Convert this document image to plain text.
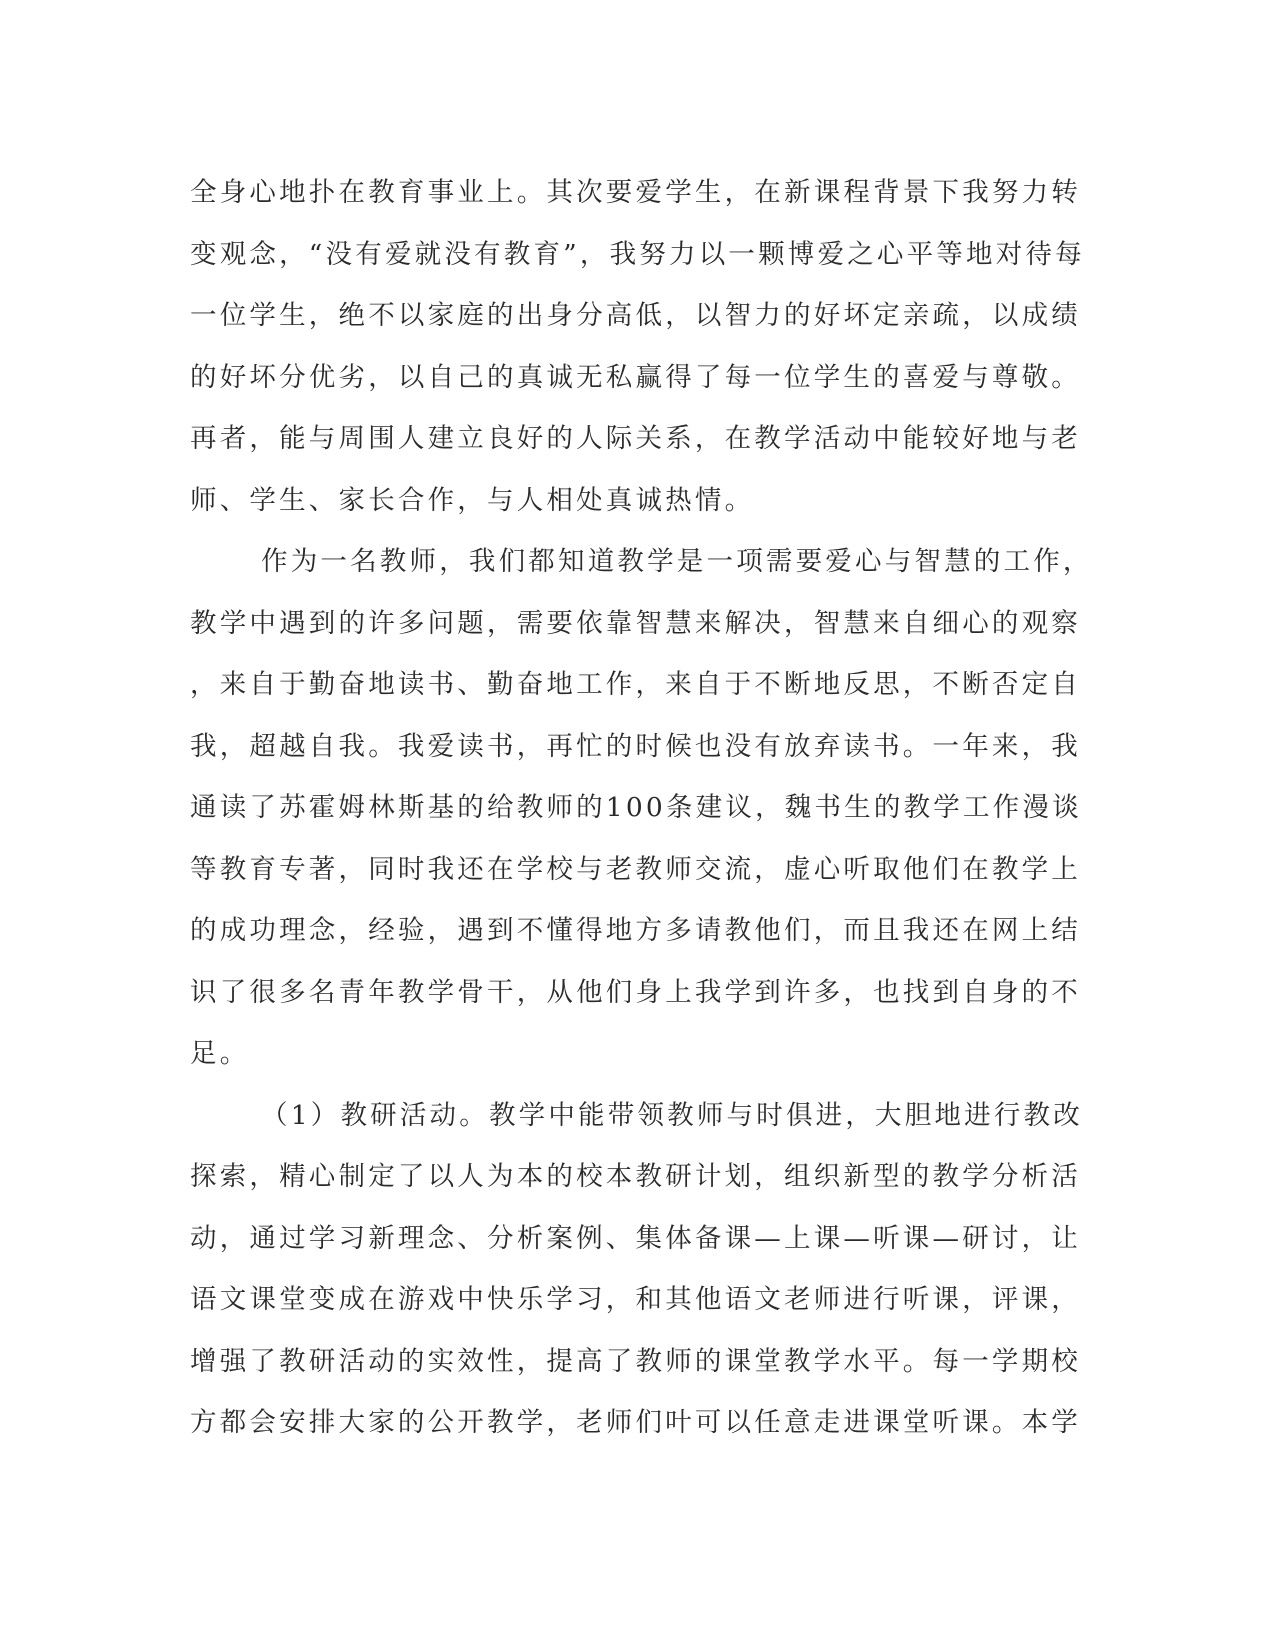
全身心地扑在教育事业上。其次要爱学生，在新课程背景下我努力转
变观念，“没有爱就没有教育”，我努力以一颗博爱之心平等地对待每
一位学生，绝不以家庭的出身分高低，以智力的好坏定亲疏，以成绩
的好坏分优劣，以自己的真诚无私赢得了每一位学生的喜爱与尊敬。
再者，能与周围人建立良好的人际关系，在教学活动中能较好地与老
师、学生、家长合作，与人相处真诚热情。
作为一名教师，我们都知道教学是一项需要爱心与智慧的工作，
教学中遇到的许多问题，需要依靠智慧来解决，智慧来自细心的观察
，来自于勤奋地读书、勤奋地工作，来自于不断地反思，不断否定自
我，超越自我。我爱读书，再忙的时候也没有放弃读书。一年来，我
通读了苏霍姆林斯基的给教师的100条建议，魏书生的教学工作漫谈
等教育专著，同时我还在学校与老教师交流，虚心听取他们在教学上
的成功理念，经验，遇到不懂得地方多请教他们，而且我还在网上结
识了很多名青年教学骨干，从他们身上我学到许多，也找到自身的不
足。
（1）教研活动。教学中能带领教师与时俱进，大胆地进行教改
探索，精心制定了以人为本的校本教研计划，组织新型的教学分析活
动，通过学习新理念、分析案例、集体备课—上课—听课—研讨，让
语文课堂变成在游戏中快乐学习，和其他语文老师进行听课，评课，
增强了教研活动的实效性，提高了教师的课堂教学水平。每一学期校
方都会安排大家的公开教学，老师们叶可以任意走进课堂听课。本学
